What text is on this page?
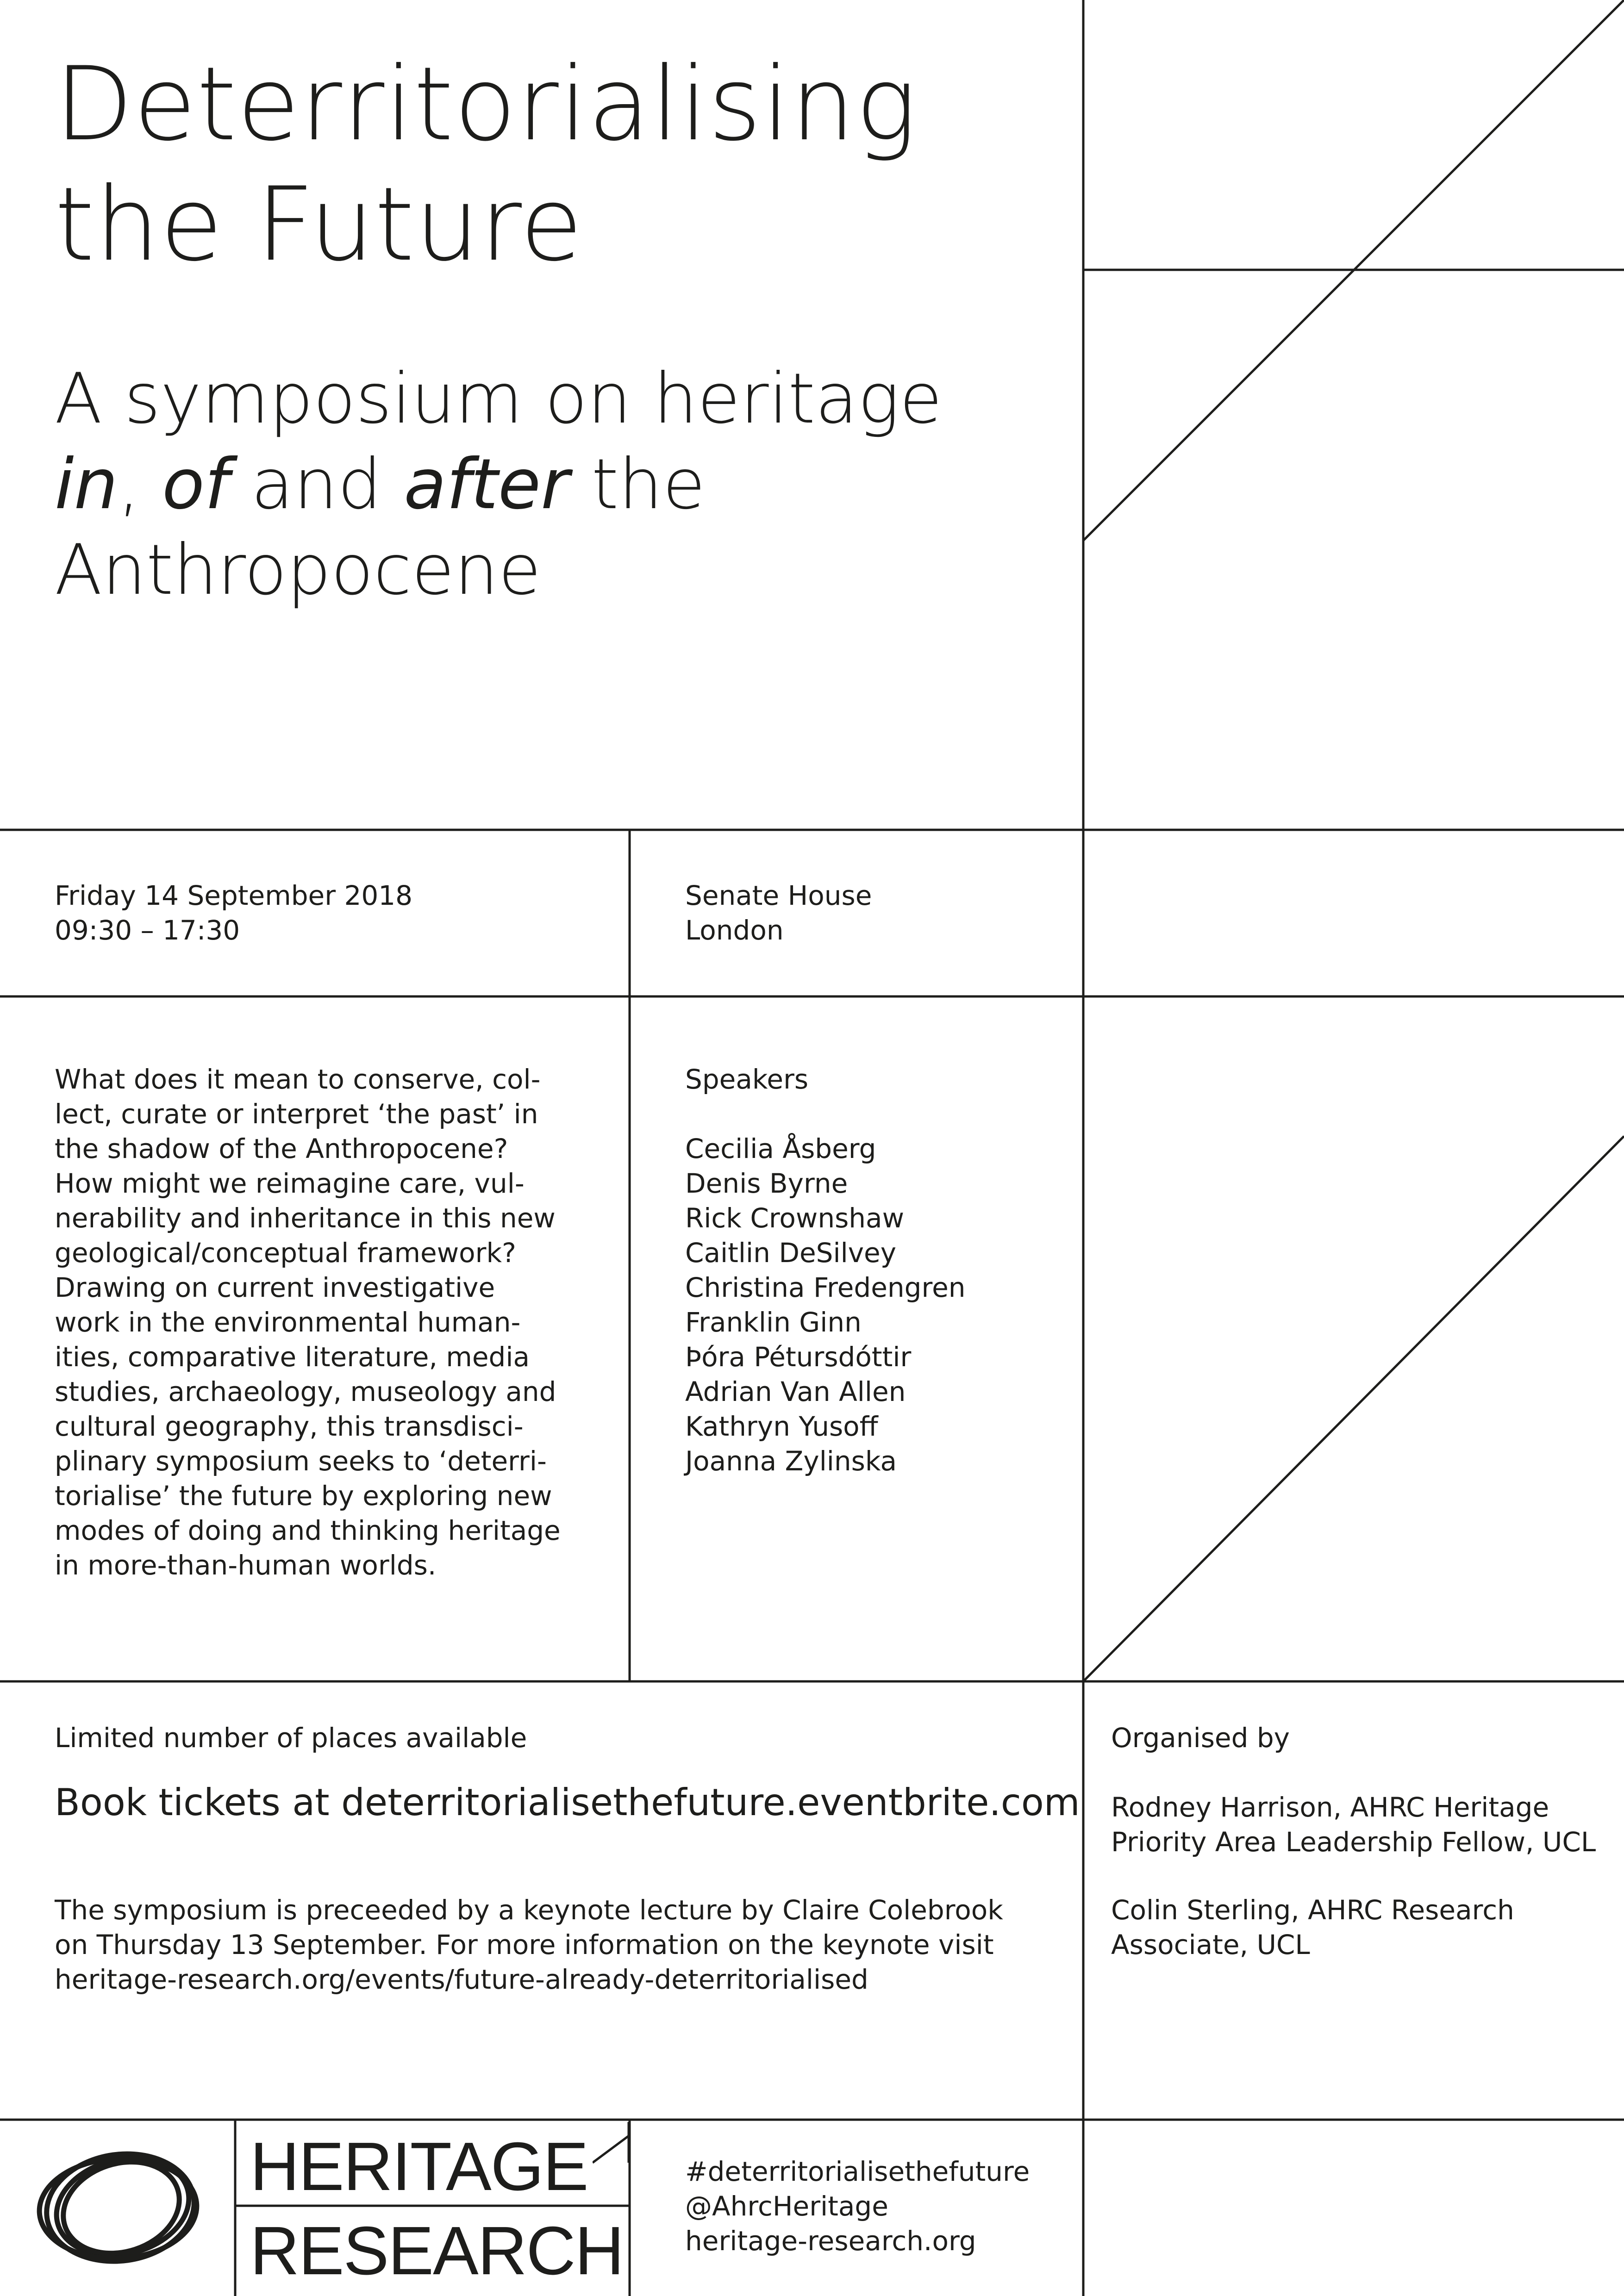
Deterritorialising
the Future
A symposium on heritage
in, of and after the
Anthropocene
Friday 14 September 2018
09:30 – 17:30
Senate House
London
What does it mean to conserve, col-
lect, curate or interpret ‘the past’ in
the shadow of the Anthropocene?
How might we reimagine care, vul-
nerability and inheritance in this new
geological/conceptual framework?
Drawing on current investigative
work in the environmental human-
ities, comparative literature, media
studies, archaeology, museology and
cultural geography, this transdisci-
plinary symposium seeks to ‘deterri-
torialise’ the future by exploring new
modes of doing and thinking heritage
in more-than-human worlds.
Speakers
Cecilia Åsberg
Denis Byrne
Rick Crownshaw
Caitlin DeSilvey
Christina Fredengren
Franklin Ginn
Þóra Pétursdóttir
Adrian Van Allen
Kathryn Yusoff
Joanna Zylinska
Limited number of places available
Book tickets at deterritorialisethefuture.eventbrite.com
The symposium is preceeded by a keynote lecture by Claire Colebrook
on Thursday 13 September. For more information on the keynote visit
heritage-research.org/events/future-already-deterritorialised
Organised by
Rodney Harrison, AHRC Heritage
Priority Area Leadership Fellow, UCL
Colin Sterling, AHRC Research
Associate, UCL
HERITAGE
RESEARCH
#deterritorialisethefuture
@AhrcHeritage
heritage-research.org
